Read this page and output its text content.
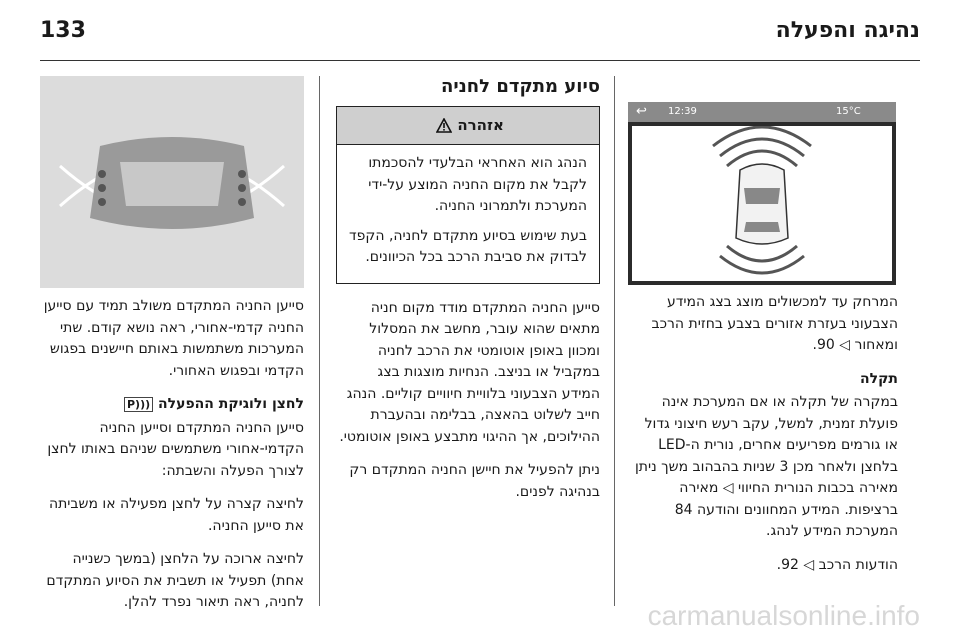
133	נהיגה והפעלה
↩ 12:39	15°C

המרחק עד למכשולים מוצג בצג המידע הצבעוני בעזרת אזורים בצבע בחזית הרכב ומאחור ◁ 90.

תקלה

במקרה של תקלה או אם המערכת אינה פועלת זמנית, למשל, עקב רעש חיצוני גדול או גורמים מפריעים אחרים, נורית ה-LED בלחצן ולאחר מכן 3 שניות בהבהוב משך ניתן מאירה בכבות הנורית החיווי ◁ מאירה ברציפות. המידע המחוונים והודעה 84 המערכת המידע לנהג.

הודעות הרכב ◁ 92.

סיוע מתקדם לחניה
אזהרה

הנהג הוא האחראי הבלעדי להסכמתו לקבל את מקום החניה המוצע על-ידי המערכת ולתמרוני החניה.

בעת שימוש בסיוע מתקדם לחניה, הקפד לבדוק את סביבת הרכב בכל הכיוונים.

סייען החניה המתקדם מודד מקום חניה מתאים שהוא עובר, מחשב את המסלול ומכוון באופן אוטומטי את הרכב לחניה במקביל או בניצב. הנחיות מוצגות בצג המידע הצבעוני בלוויית חיוויים קוליים. הנהג חייב לשלוט בהאצה, בבלימה ובהעברת ההילוכים, אך ההיגוי מתבצע באופן אוטומטי.

ניתן להפעיל את חיישן החניה המתקדם רק בנהיגה לפנים.

סייען החניה המתקדם משולב תמיד עם סייען החניה קדמי-אחורי, ראה נושא קודם. שתי המערכות משתמשות באותם חיישנים בפגוש הקדמי ובפגוש האחורי.

לחצן ולוגיקת ההפעלה P)))

סייען החניה המתקדם וסייען החניה הקדמי-אחורי משתמשים שניהם באותו לחצן לצורך הפעלה והשבתה:

לחיצה קצרה על לחצן מפעילה או משביתה את סייען החניה.

לחיצה ארוכה על הלחצן (במשך כשנייה אחת) תפעיל או תשבית את הסיוע המתקדם לחניה, ראה תיאור נפרד להלן.	carmanualsonline.info
